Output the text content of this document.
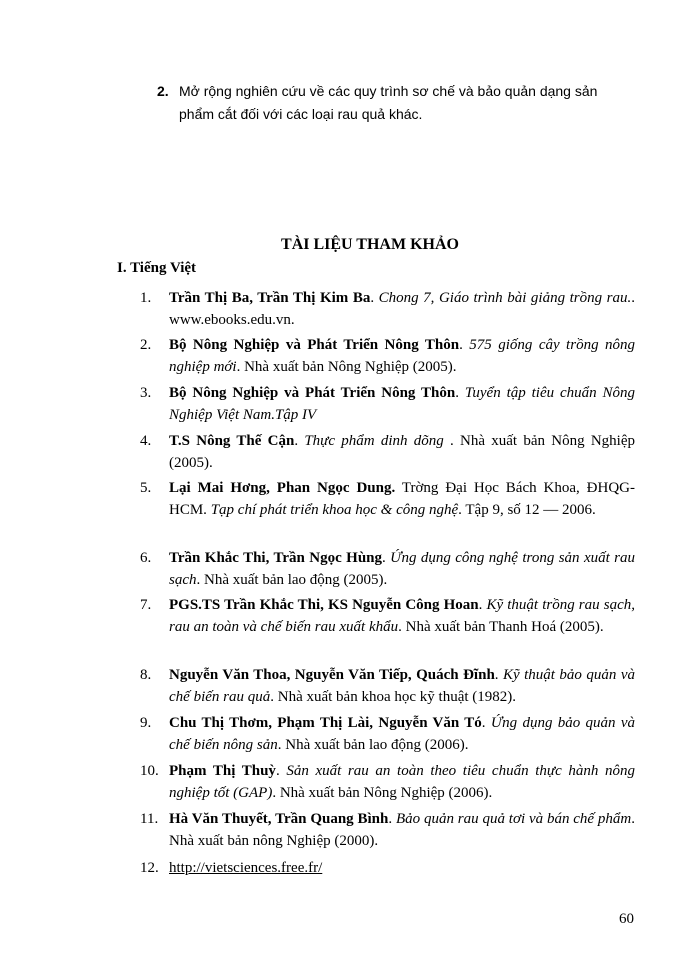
2. Mở rộng nghiên cứu về các quy trình sơ chế và bảo quản dạng sản phẩm cắt đối với các loại rau quả khác.
TÀI LIỆU THAM KHẢO
I. Tiếng Việt
1.	Trần Thị Ba, Trần Thị Kim Ba. Chong 7, Giáo trình bài giảng trồng rau.. www.ebooks.edu.vn.
2.	Bộ Nông Nghiệp và Phát Triển Nông Thôn. 575 giống cây trồng nông nghiệp mới. Nhà xuất bản Nông Nghiệp (2005).
3.	Bộ Nông Nghiệp và Phát Triển Nông Thôn. Tuyển tập tiêu chuẩn Nông Nghiệp Việt Nam.Tập IV
4.	T.S Nông Thế Cận. Thực phẩm dinh dõng . Nhà xuất bản Nông Nghiệp (2005).
5.	Lại Mai Hơng, Phan Ngọc Dung. Trờng Đại Học Bách Khoa, ĐHQG-HCM. Tạp chí phát triển khoa học & công nghệ. Tập 9, số 12 — 2006.
6.	Trần Khắc Thi, Trần Ngọc Hùng. Ứng dụng công nghệ trong sản xuất rau sạch. Nhà xuất bản lao động (2005).
7.	PGS.TS Trần Khắc Thi, KS Nguyễn Công Hoan. Kỹ thuật trồng rau sạch, rau an toàn và chế biến rau xuất khẩu. Nhà xuất bản Thanh Hoá (2005).
8.	Nguyễn Văn Thoa, Nguyễn Văn Tiếp, Quách Đĩnh. Kỹ thuật bảo quản và chế biến rau quả. Nhà xuất bản khoa học kỹ thuật (1982).
9.	Chu Thị Thơm, Phạm Thị Lài, Nguyễn Văn Tó. Ứng dụng bảo quản và chế biến nông sản. Nhà xuất bản lao động (2006).
10. Phạm Thị Thuỳ. Sản xuất rau an toàn theo tiêu chuẩn thực hành nông nghiệp tốt (GAP). Nhà xuất bản Nông Nghiệp (2006).
11. Hà Văn Thuyết, Trần Quang Bình. Bảo quản rau quả tơi và bán chế phẩm. Nhà xuất bản nông Nghiệp (2000).
12. http://vietsciences.free.fr/
60
